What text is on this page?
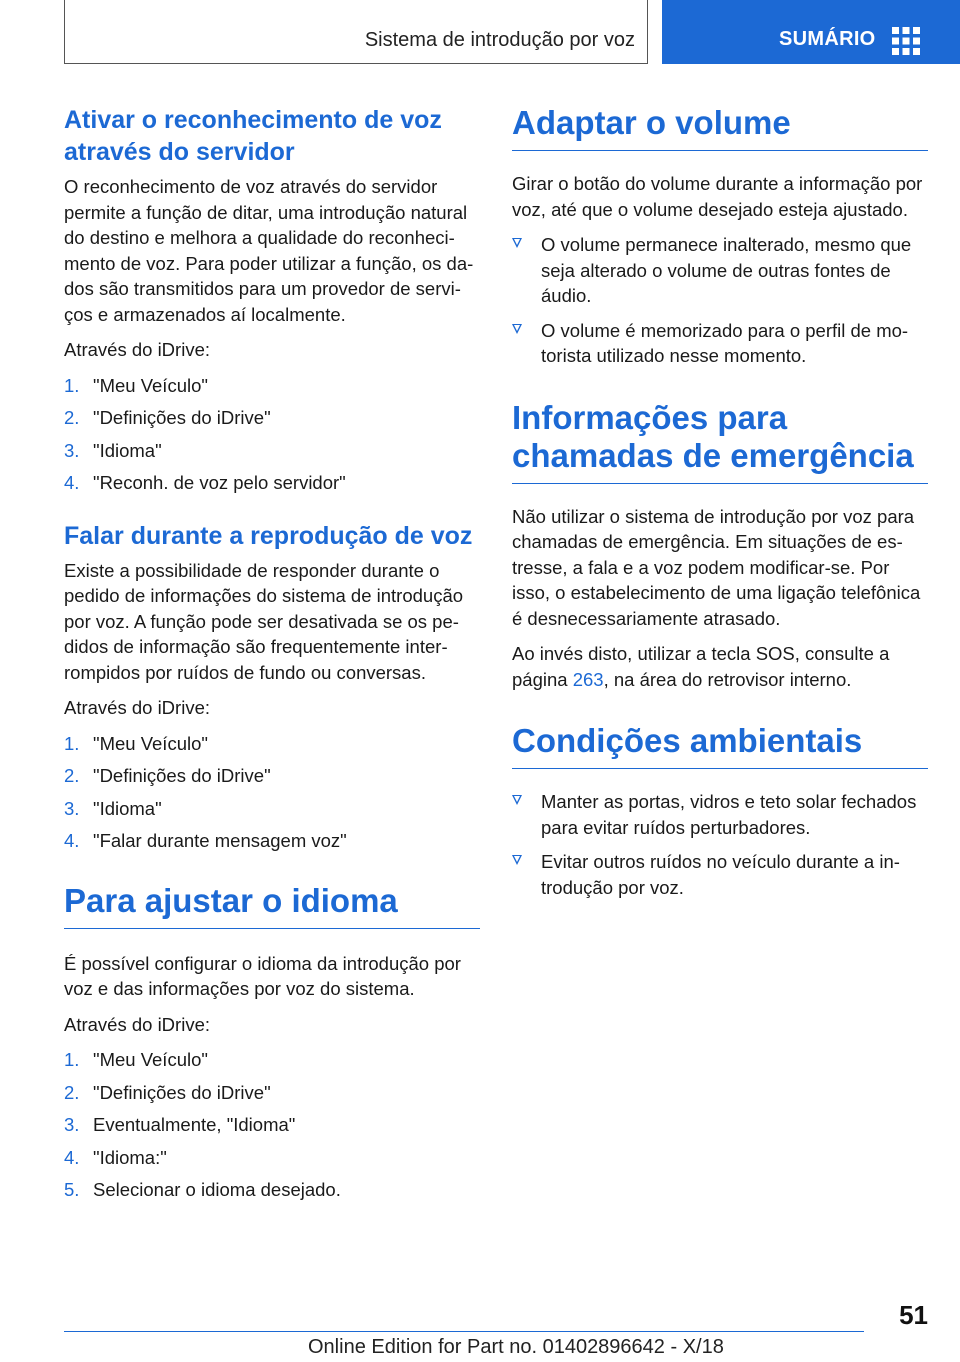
Sistema de introdução por voz	SUMÁRIO
Ativar o reconhecimento de voz através do servidor

O reconhecimento de voz através do servidor permite a função de ditar, uma introdução natural do destino e melhora a qualidade do reconhecimento de voz. Para poder utilizar a função, os dados são transmitidos para um provedor de serviços e armazenados aí localmente.

Através do iDrive:

1. "Meu Veículo"
2. "Definições do iDrive"
3. "Idioma"
4. "Reconh. de voz pelo servidor"
Falar durante a reprodução de voz

Existe a possibilidade de responder durante o pedido de informações do sistema de introdução por voz. A função pode ser desativada se os pedidos de informação são frequentemente interrompidos por ruídos de fundo ou conversas.

Através do iDrive:

1. "Meu Veículo"
2. "Definições do iDrive"
3. "Idioma"
4. "Falar durante mensagem voz"
Para ajustar o idioma

É possível configurar o idioma da introdução por voz e das informações por voz do sistema.

Através do iDrive:

1. "Meu Veículo"
2. "Definições do iDrive"
3. Eventualmente, "Idioma"
4. "Idioma:"
5. Selecionar o idioma desejado.
Adaptar o volume

Girar o botão do volume durante a informação por voz, até que o volume desejado esteja ajustado.

O volume permanece inalterado, mesmo que seja alterado o volume de outras fontes de áudio.
O volume é memorizado para o perfil de motorista utilizado nesse momento.
Informações para chamadas de emergência

Não utilizar o sistema de introdução por voz para chamadas de emergência. Em situações de estresse, a fala e a voz podem modificar-se. Por isso, o estabelecimento de uma ligação telefônica é desnecessariamente atrasado.

Ao invés disto, utilizar a tecla SOS, consulte a página 263, na área do retrovisor interno.

Condições ambientais
Manter as portas, vidros e teto solar fechados para evitar ruídos perturbadores.
Evitar outros ruídos no veículo durante a introdução por voz.
51
Online Edition for Part no. 01402896642 - X/18
